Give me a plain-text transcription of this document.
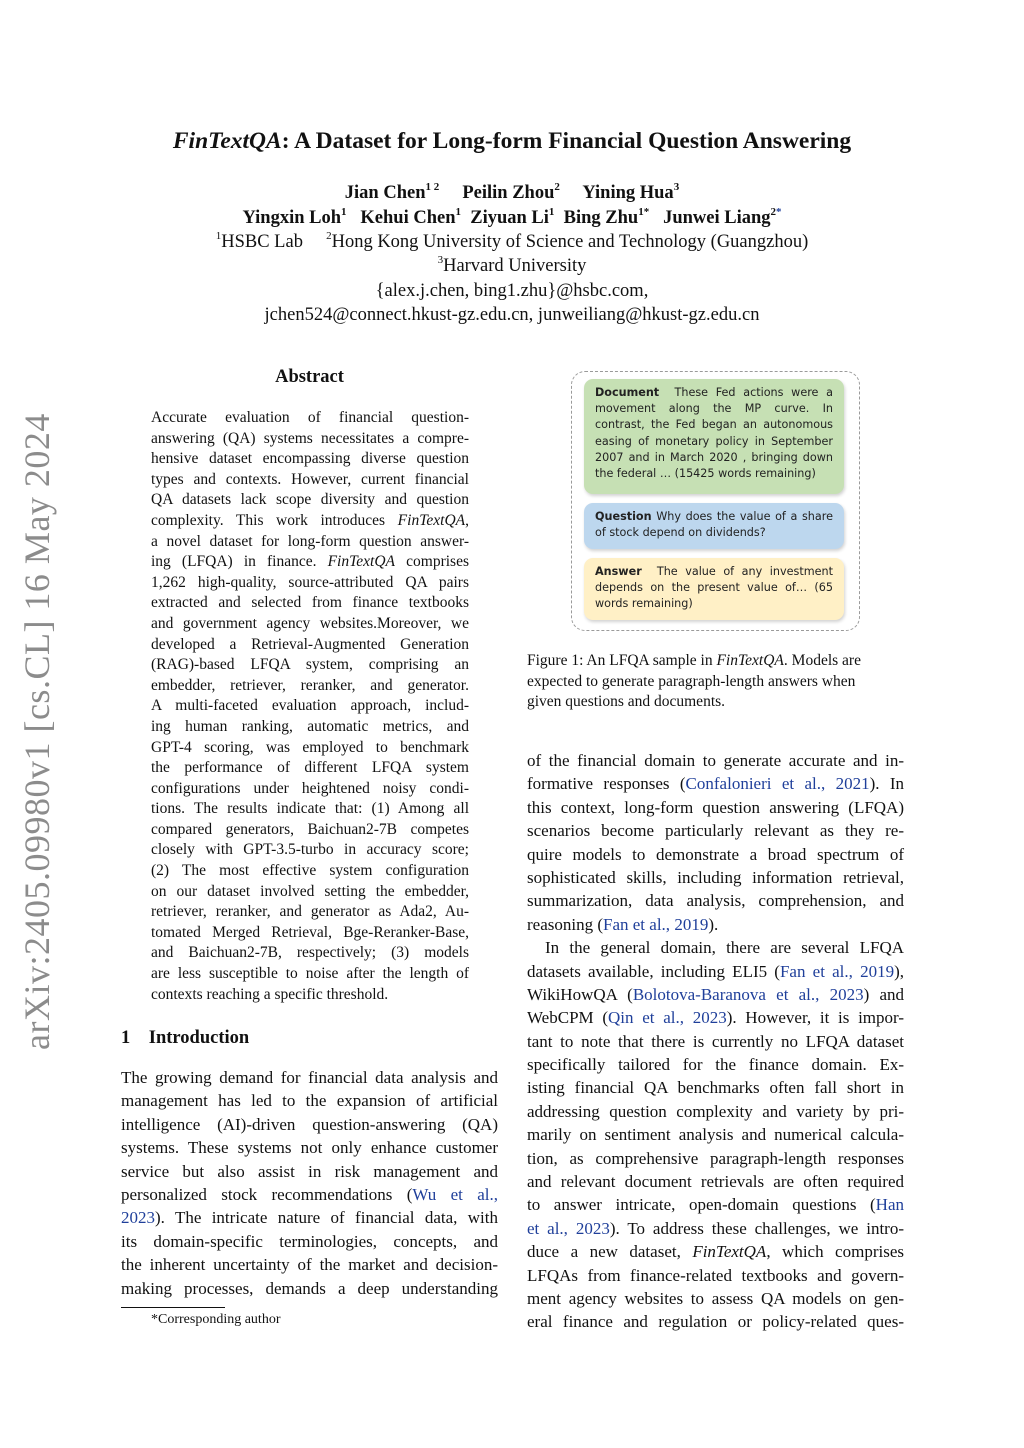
arXiv:2405.09980v1 [cs.CL] 16 May 2024
FinTextQA: A Dataset for Long-form Financial Question Answering
Jian Chen$^{1 2}$ Peilin Zhou$^2$ Yining Hua$^3$
Yingxin Loh$^1$ Kehui Chen$^1$ Ziyuan Li$^1$ Bing Zhu$^{1*}$ Junwei Liang$^{2*}$
$^1$HSBC Lab $^2$Hong Kong University of Science and Technology (Guangzhou)
$^3$Harvard University
{alex.j.chen, bing1.zhu}@hsbc.com,
jchen524@connect.hkust-gz.edu.cn, junweiliang@hkust-gz.edu.cn
Abstract
Accurate evaluation of financial question-
answering (QA) systems necessitates a compre-
hensive dataset encompassing diverse question
types and contexts. However, current financial
QA datasets lack scope diversity and question
complexity. This work introduces FinTextQA,
a novel dataset for long-form question answer-
ing (LFQA) in finance. FinTextQA comprises
1,262 high-quality, source-attributed QA pairs
extracted and selected from finance textbooks
and government agency websites.Moreover, we
developed a Retrieval-Augmented Generation
(RAG)-based LFQA system, comprising an
embedder, retriever, reranker, and generator.
A multi-faceted evaluation approach, includ-
ing human ranking, automatic metrics, and
GPT-4 scoring, was employed to benchmark
the performance of different LFQA system
configurations under heightened noisy condi-
tions. The results indicate that: (1) Among all
compared generators, Baichuan2-7B competes
closely with GPT-3.5-turbo in accuracy score;
(2) The most effective system configuration
on our dataset involved setting the embedder,
retriever, reranker, and generator as Ada2, Au-
tomated Merged Retrieval, Bge-Reranker-Base,
and Baichuan2-7B, respectively; (3) models
are less susceptible to noise after the length of
contexts reaching a specific threshold.
1 Introduction
The growing demand for financial data analysis and
management has led to the expansion of artificial
intelligence (AI)-driven question-answering (QA)
systems. These systems not only enhance customer
service but also assist in risk management and
personalized stock recommendations (Wu et al.,
2023). The intricate nature of financial data, with
its domain-specific terminologies, concepts, and
the inherent uncertainty of the market and decision-
making processes, demands a deep understanding
Document These Fed actions were a movement along the MP curve. In contrast, the Fed began an autonomous easing of monetary policy in September 2007 and in March 2020 , bringing down the federal … (15425 words remaining)
Question Why does the value of a share of stock depend on dividends?
Answer The value of any investment depends on the present value of… (65 words remaining)
Figure 1: An LFQA sample in FinTextQA. Models are
expected to generate paragraph-length answers when
given questions and documents.
of the financial domain to generate accurate and in-
formative responses (Confalonieri et al., 2021). In
this context, long-form question answering (LFQA)
scenarios become particularly relevant as they re-
quire models to demonstrate a broad spectrum of
sophisticated skills, including information retrieval,
summarization, data analysis, comprehension, and
reasoning (Fan et al., 2019).
In the general domain, there are several LFQA
datasets available, including ELI5 (Fan et al., 2019),
WikiHowQA (Bolotova-Baranova et al., 2023) and
WebCPM (Qin et al., 2023). However, it is impor-
tant to note that there is currently no LFQA dataset
specifically tailored for the finance domain. Ex-
isting financial QA benchmarks often fall short in
addressing question complexity and variety by pri-
marily on sentiment analysis and numerical calcula-
tion, as comprehensive paragraph-length responses
and relevant document retrievals are often required
to answer intricate, open-domain questions (Han
et al., 2023). To address these challenges, we intro-
duce a new dataset, FinTextQA, which comprises
LFQAs from finance-related textbooks and govern-
ment agency websites to assess QA models on gen-
eral finance and regulation or policy-related ques-
*Corresponding author
